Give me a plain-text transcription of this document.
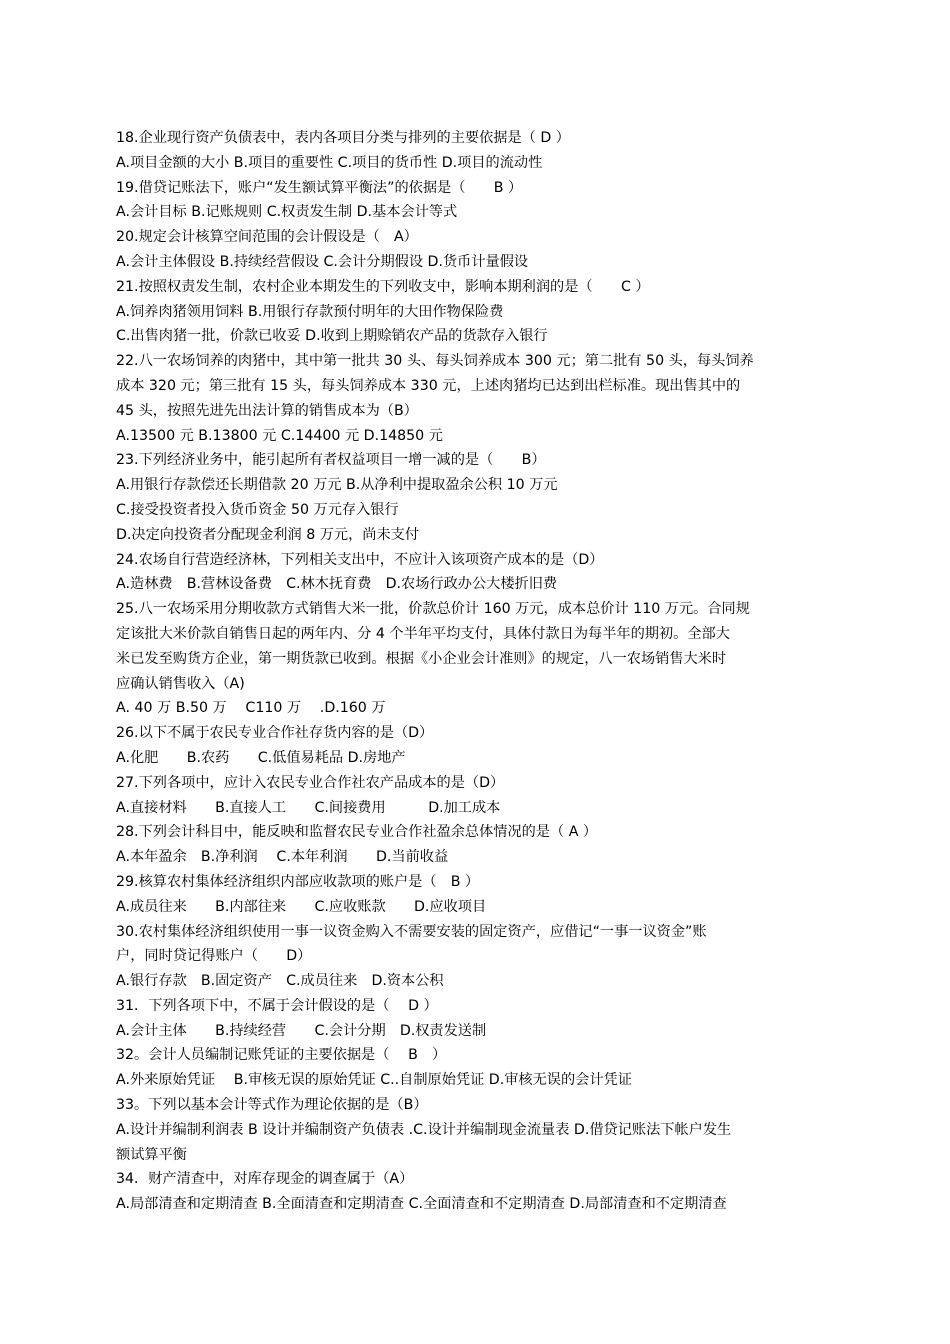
18.企业现行资产负债表中，表内各项目分类与排列的主要依据是（ D ）
A.项目金额的大小 B.项目的重要性 C.项目的货币性 D.项目的流动性
19.借贷记账法下，账户“发生额试算平衡法”的依据是（　　B ）
A.会计目标 B.记账规则 C.权责发生制 D.基本会计等式
20.规定会计核算空间范围的会计假设是（　A）
A.会计主体假设 B.持续经营假设 C.会计分期假设 D.货币计量假设
21.按照权责发生制，农村企业本期发生的下列收支中，影响本期利润的是（　　C ）
A.饲养肉猪领用饲料 B.用银行存款预付明年的大田作物保险费
C.出售肉猪一批，价款已收妥 D.收到上期赊销农产品的货款存入银行
22.八一农场饲养的肉猪中，其中第一批共 30 头、每头饲养成本 300 元；第二批有 50 头，每头饲养
成本 320 元；第三批有 15 头，每头饲养成本 330 元，上述肉猪均已达到出栏标准。现出售其中的
45 头，按照先进先出法计算的销售成本为（B）
A.13500 元 B.13800 元 C.14400 元 D.14850 元
23.下列经济业务中，能引起所有者权益项目一增一减的是（　　B）
A.用银行存款偿还长期借款 20 万元 B.从净利中提取盈余公积 10 万元
C.接受投资者投入货币资金 50 万元存入银行
D.决定向投资者分配现金利润 8 万元，尚未支付
24.农场自行营造经济林，下列相关支出中，不应计入该项资产成本的是（D）
A.造林费　B.营林设备费　C.林木抚育费　D.农场行政办公大楼折旧费
25.八一农场采用分期收款方式销售大米一批，价款总价计 160 万元，成本总价计 110 万元。合同规
定该批大米价款自销售日起的两年内、分 4 个半年平均支付，具体付款日为每半年的期初。全部大
米已发至购货方企业，第一期货款已收到。根据《小企业会计准则》的规定，八一农场销售大米时
应确认销售收入（A)
A. 40 万 B.50 万　 C110 万　 .D.160 万
26.以下不属于农民专业合作社存货内容的是（D）
A.化肥　　B.农药　　C.低值易耗品 D.房地产
27.下列各项中，应计入农民专业合作社农产品成本的是（D）
A.直接材料　　B.直接人工　　C.间接费用　　　D.加工成本
28.下列会计科目中，能反映和监督农民专业合作社盈余总体情况的是（ A ）
A.本年盈余　B.净利润　 C.本年利润　　D.当前收益
29.核算农村集体经济组织内部应收款项的账户是（　B ）
A.成员往来　　B.内部往来　　C.应收账款　　D.应收项目
30.农村集体经济组织使用一事一议资金购入不需要安装的固定资产，应借记“一事一议资金”账
户，同时贷记得账户（　　D）
A.银行存款　B.固定资产　C.成员往来　D.资本公积
31．下列各项下中，不属于会计假设的是（　 D ）
A.会计主体　　B.持续经营　　C.会计分期　D.权责发送制
32。会计人员编制记账凭证的主要依据是（　 B　）
A.外来原始凭证　 B.审核无误的原始凭证 C..自制原始凭证 D.审核无误的会计凭证
33。下列以基本会计等式作为理论依据的是（B）
A.设计并编制利润表 B 设计并编制资产负债表 .C.设计并编制现金流量表 D.借贷记账法下帐户发生
额试算平衡
34．财产清查中，对库存现金的调查属于（A）
A.局部清查和定期清查 B.全面清查和定期清查 C.全面清查和不定期清查 D.局部清查和不定期清查
